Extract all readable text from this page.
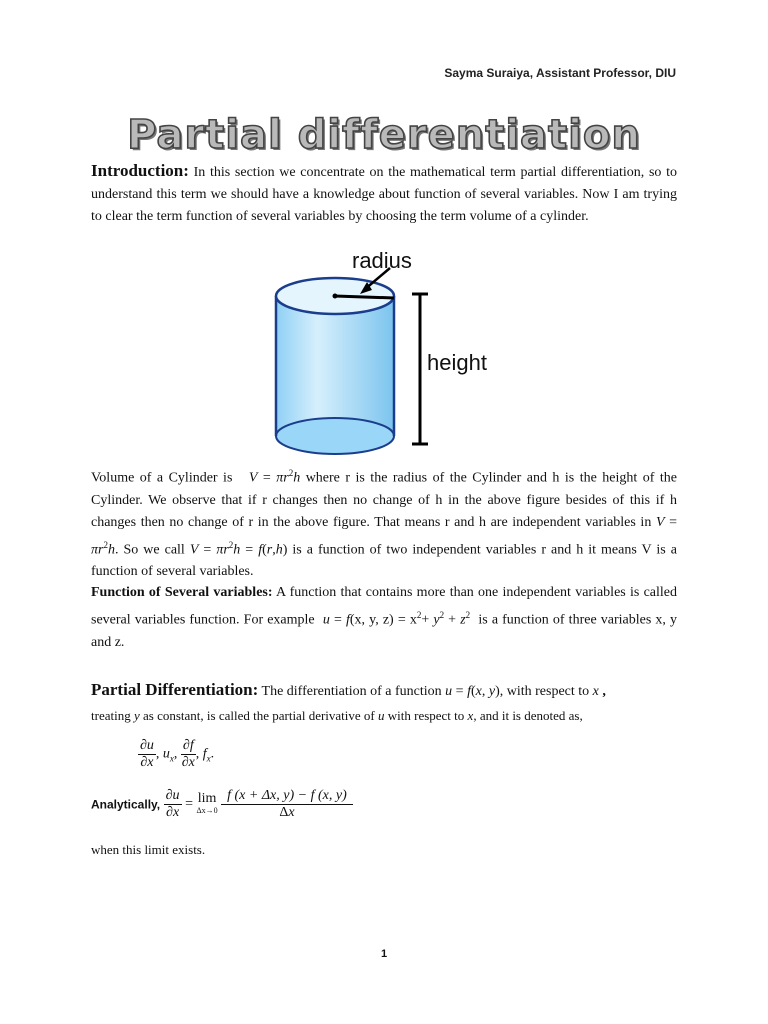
Sayma Suraiya, Assistant Professor, DIU
Partial differentiation
Introduction: In this section we concentrate on the mathematical term partial differentiation, so to understand this term we should have a knowledge about function of several variables. Now I am trying to clear the term function of several variables by choosing the term volume of a cylinder.
radius
height
Volume of a Cylinder is $V = \pi r^2h$ where r is the radius of the Cylinder and h is the height of the Cylinder. We observe that if r changes then no change of h in the above figure besides of this if h changes then no change of r in the above figure. That means r and h are independent variables in $V = \pi r^2h$. So we call $V = \pi r^2h = f(r,h)$ is a function of two independent variables r and h it means V is a function of several variables.
Function of Several variables: A function that contains more than one independent variables is called several variables function. For example u = f(x, y, $z) = x^2+ y^2 + z^2$ is a function of three variables x, y and z.
Partial Differentiation: The differentiation of a function u = f(x, y), with respect to x ,
treating y as constant, is called the partial derivative of u with respect to x, and it is denoted as,
$\frac{\partial u}{\partial x}$ , $u_x$, $\frac{\partial f}{\partial x}$ , $f_x$.
Analytically, $\frac{\partial u}{\partial x} = \lim$
Δx→0
$\frac{f (x + \Delta x, y) - f (x, y)}{\Delta x}$
when this limit exists.
1
